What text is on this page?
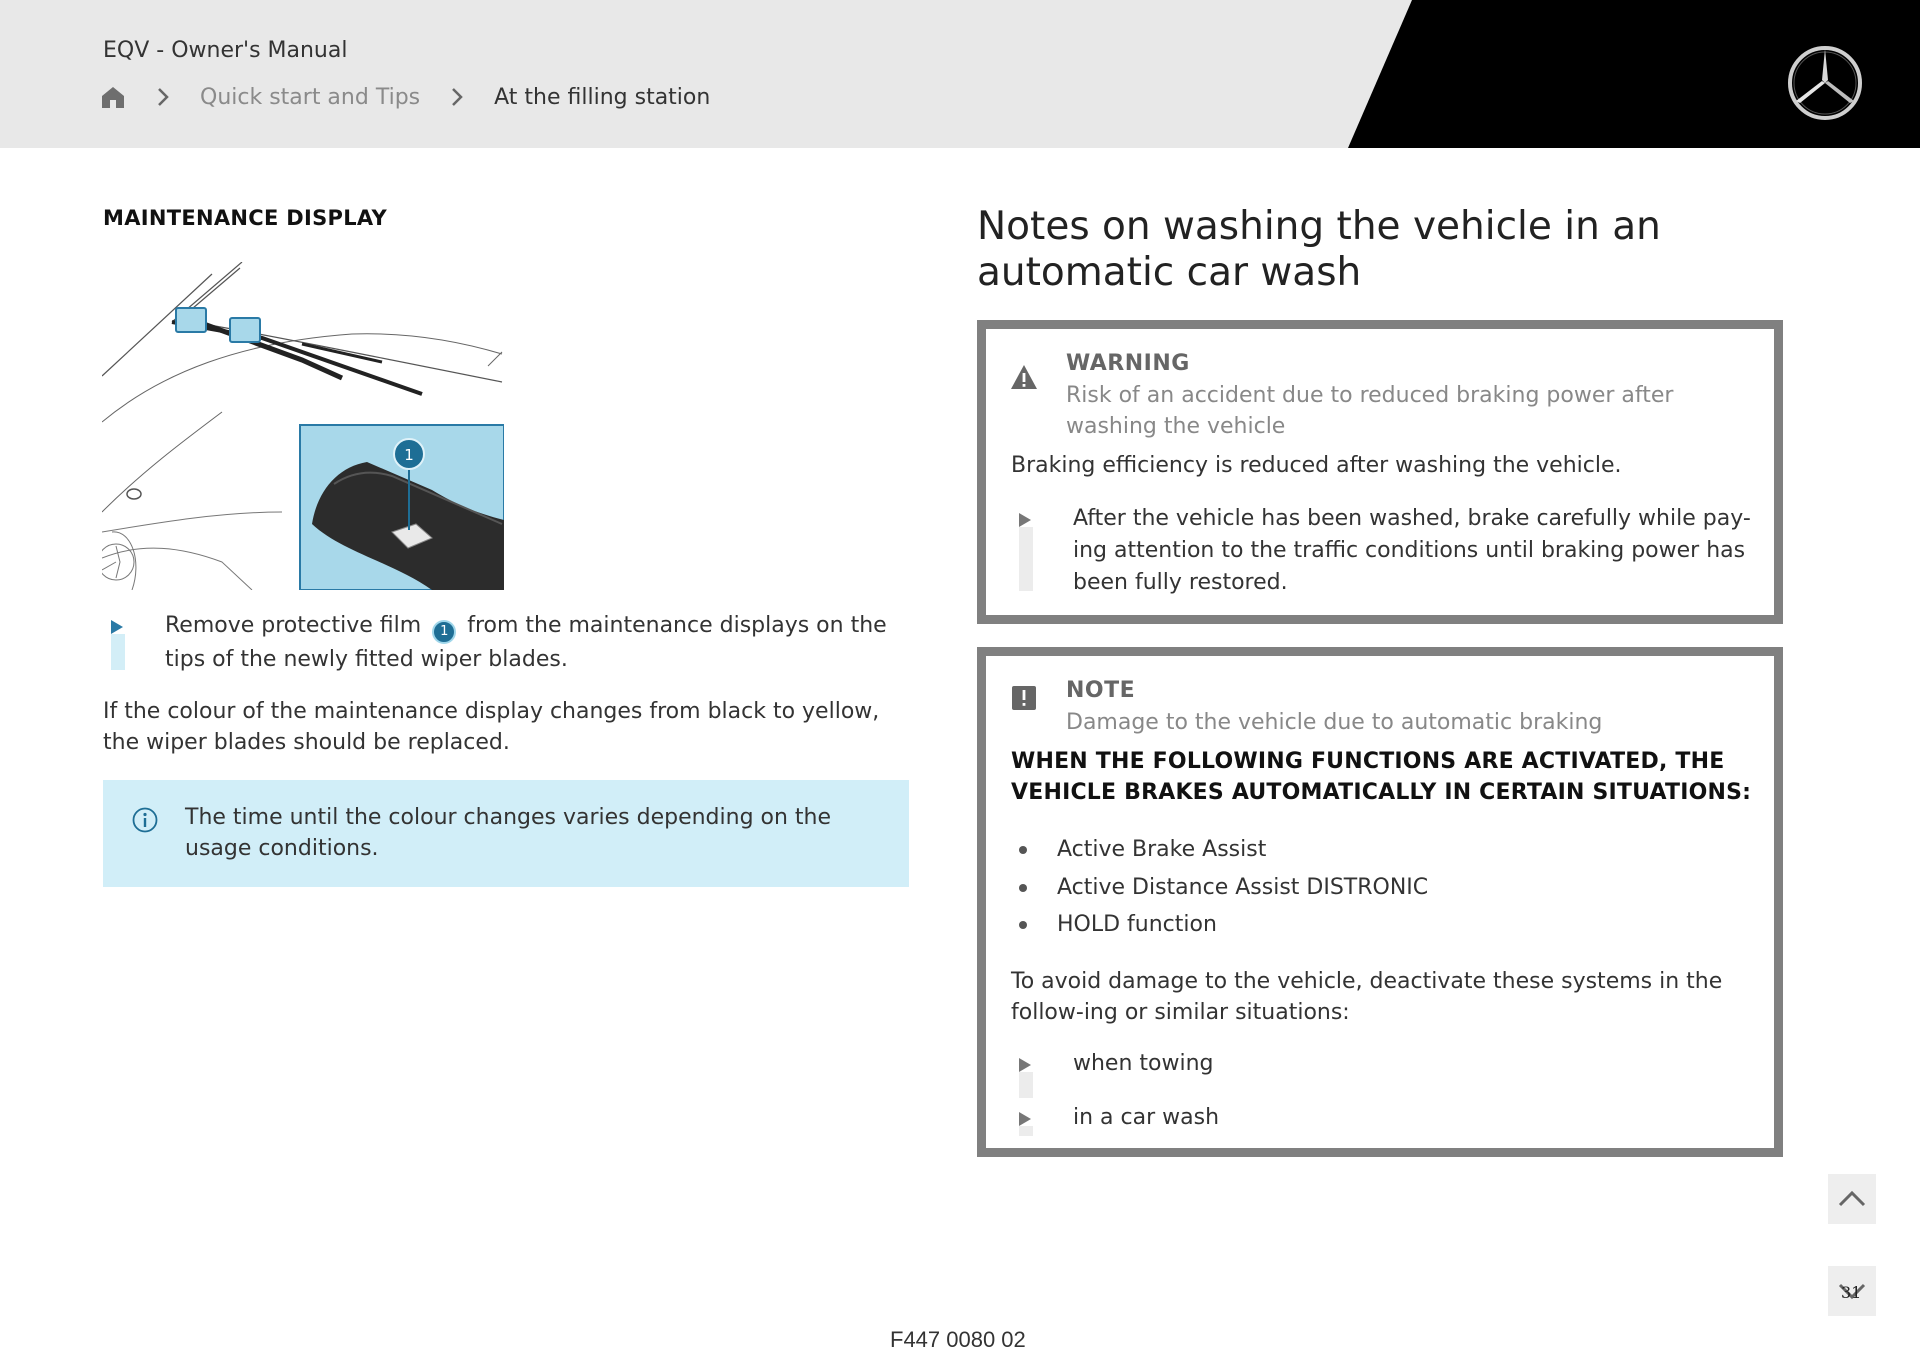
EQV - Owner's Manual
Quick start and Tips	At the filling station
MAINTENANCE DISPLAY
1
Remove protective film 1 from the maintenance displays on the tips of the newly fitted wiper blades.
If the colour of the maintenance display changes from black to yellow, the wiper blades should be replaced.
The time until the colour changes varies depending on the usage conditions.
Notes on washing the vehicle in an automatic car wash
WARNING
Risk of an accident due to reduced braking power after washing the vehicle
Braking efficiency is reduced after washing the vehicle.
After the vehicle has been washed, brake carefully while pay-ing attention to the traffic conditions until braking power has been fully restored.
NOTE
Damage to the vehicle due to automatic braking
WHEN THE FOLLOWING FUNCTIONS ARE ACTIVATED, THE VEHICLE BRAKES AUTOMATICALLY IN CERTAIN SITUATIONS:
Active Brake Assist
Active Distance Assist DISTRONIC
HOLD function
To avoid damage to the vehicle, deactivate these systems in the follow-ing or similar situations:
when towing
in a car wash
31
F447 0080 02
